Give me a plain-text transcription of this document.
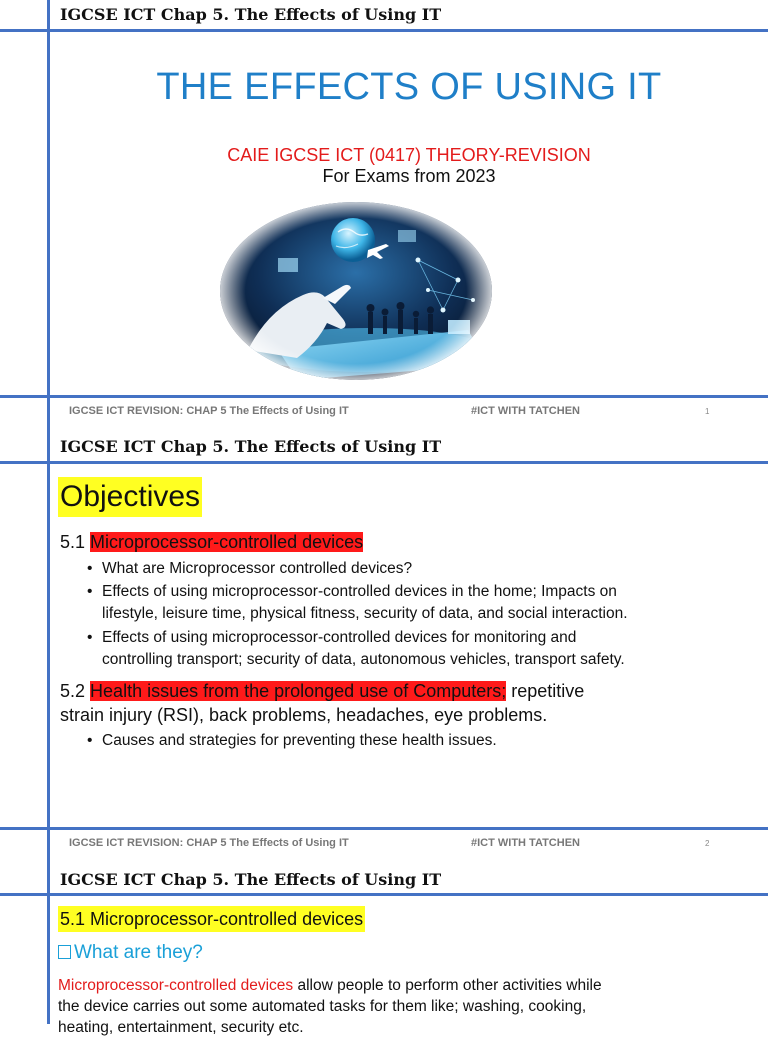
IGCSE ICT Chap 5. The Effects of Using IT
THE EFFECTS OF USING IT
CAIE IGCSE ICT (0417) THEORY-REVISION
For Exams from 2023
IGCSE ICT REVISION: CHAP 5 The Effects of Using IT	#ICT WITH TATCHEN	1
IGCSE ICT Chap 5. The Effects of Using IT
IGCSE ICT REVISION: CHAP 5 The Effects of Using IT	#ICT WITH TATCHEN	2
Objectives
5.1 Microprocessor-controlled devices
• What are Microprocessor controlled devices?
• Effects of using microprocessor-controlled devices in the home; Impacts on
lifestyle, leisure time, physical fitness, security of data, and social interaction.
• Effects of using microprocessor-controlled devices for monitoring and
controlling transport; security of data, autonomous vehicles, transport safety.
5.2 Health issues from the prolonged use of Computers; repetitive
strain injury (RSI), back problems, headaches, eye problems.
• Causes and strategies for preventing these health issues.
IGCSE ICT Chap 5. The Effects of Using IT
5.1 Microprocessor-controlled devices
What are they?
Microprocessor-controlled devices allow people to perform other activities while
the device carries out some automated tasks for them like; washing, cooking,
heating, entertainment, security etc.
